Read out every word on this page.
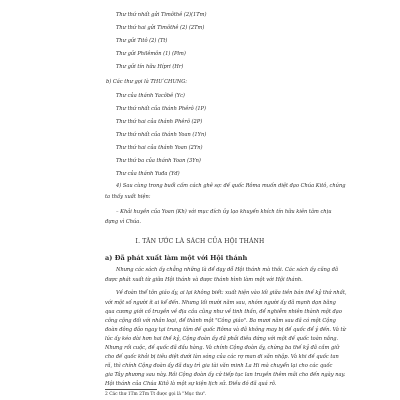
Thư thứ nhất gửi Timôthê (2)(1Tm)
Thư thứ hai gửi Timôthê (2) (2Tm)
Thư gửi Titô (2) (Tt)
Thư gửi Philêmôn (1) (Plm)
Thư gửi tín hữu Hípri (Hr)
b) Các thư gọi là THƯ CHUNG:
Thư của thánh Yacôbê (Yc)
Thư thứ nhất của thánh Phêrô (1P)
Thư thứ hai của thánh Phêrô (2P)
Thư thứ nhất của thánh Yoan (1Yn)
Thư thứ hai của thánh Yoan (2Yn)
Thư thứ ba của thánh Yoan (3Yn)
Thư của thánh Yuđa (Yđ)
4) Sau cùng trong buổi cấm cách ghê sợ: đế quốc Rôma muốn diệt đạo Chúa Kitô, chúng
ta thấy xuất hiện:
– Khải huyền của Yoan (Kh) với mục đích ủy lạo khuyến khích tín hữu kiên tâm chịu
đựng vì Chúa.
I. TÂN ƯỚC LÀ SÁCH CỦA HỘI THÁNH
a) Đã phát xuất làm một với Hội thánh
Nhưng các sách ấy chẳng những là để dạy dỗ Hội thánh mà thôi. Các sách ấy cũng đã
được phát xuất từ giữa Hội thánh và được thánh hình làm một với Hội thánh.
Về đoàn thể tôn giáo ấy, ai lại không biết: xuất hiện vào lối giữa tiền bán thế kỷ thứ nhất,
với một số người ít ai kể đến. Nhưng lối mười năm sau, nhóm người ấy đã mạnh dạn băng
qua cương giới cố truyền về địa cầu cũng như về tinh thần, để nghiễm nhiên thành một đạo
công cộng đối với nhân loại, để thành một "Công giáo". Ba mươi năm sau đã có một Cộng
đoàn đông đảo ngay tại trung tâm đế quốc Rôma và đã không may bị đế quốc để ý đến. Và từ
lúc ấy kéo dài hơn hai thế kỷ, Cộng đoàn ấy đã phải điêu đứng với một đế quốc toàn năng.
Nhưng rồi cuộc, đế quốc đã đầu hàng. Và chính Cộng đoàn ấy, chừng ba thế kỷ đã cầm giữ
cho đế quốc khỏi bị tiêu diệt dưới làn sóng của các rợ man di săn nhập. Và khi đế quốc tan
rã, thì chính Cộng đoàn ấy đã duy trì gia tài văn minh La Hi mà chuyển lại cho các quốc
gia Tây phương sau này. Rồi Cộng đoàn ấy cứ tiếp tục lan truyền thêm mãi cho đến ngày nay.
Hội thánh của Chúa Kitô là một sự kiện lịch sử. Điều đó đã quá rõ.
2 Các thư 1Tm 2Tm Tt được gọi là "Mục thư".
